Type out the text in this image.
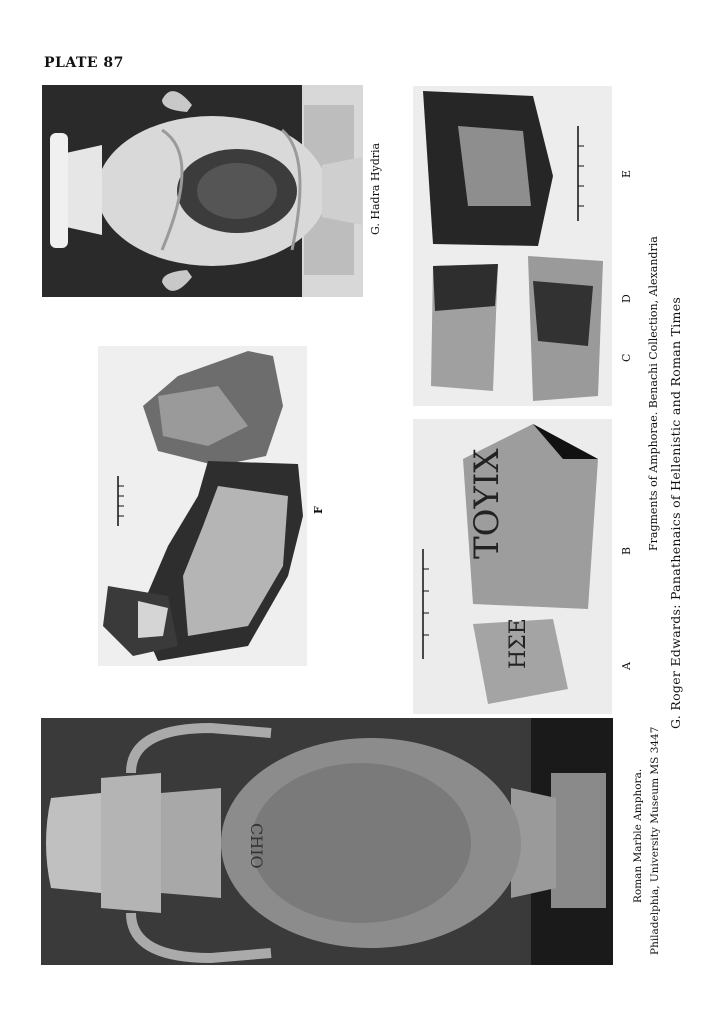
PLATE 87
G. Hadra Hydria
F
E
D
C
ΤΟΥΙΧ
ΗΣΕ
B
A
CHIO	Roman Marble Amphora. Philadelphia, University Museum MS 3447
Fragments of Amphorae. Benachi Collection, Alexandria G. Roger Edwards: Panathenaics of Hellenistic and Roman Times
